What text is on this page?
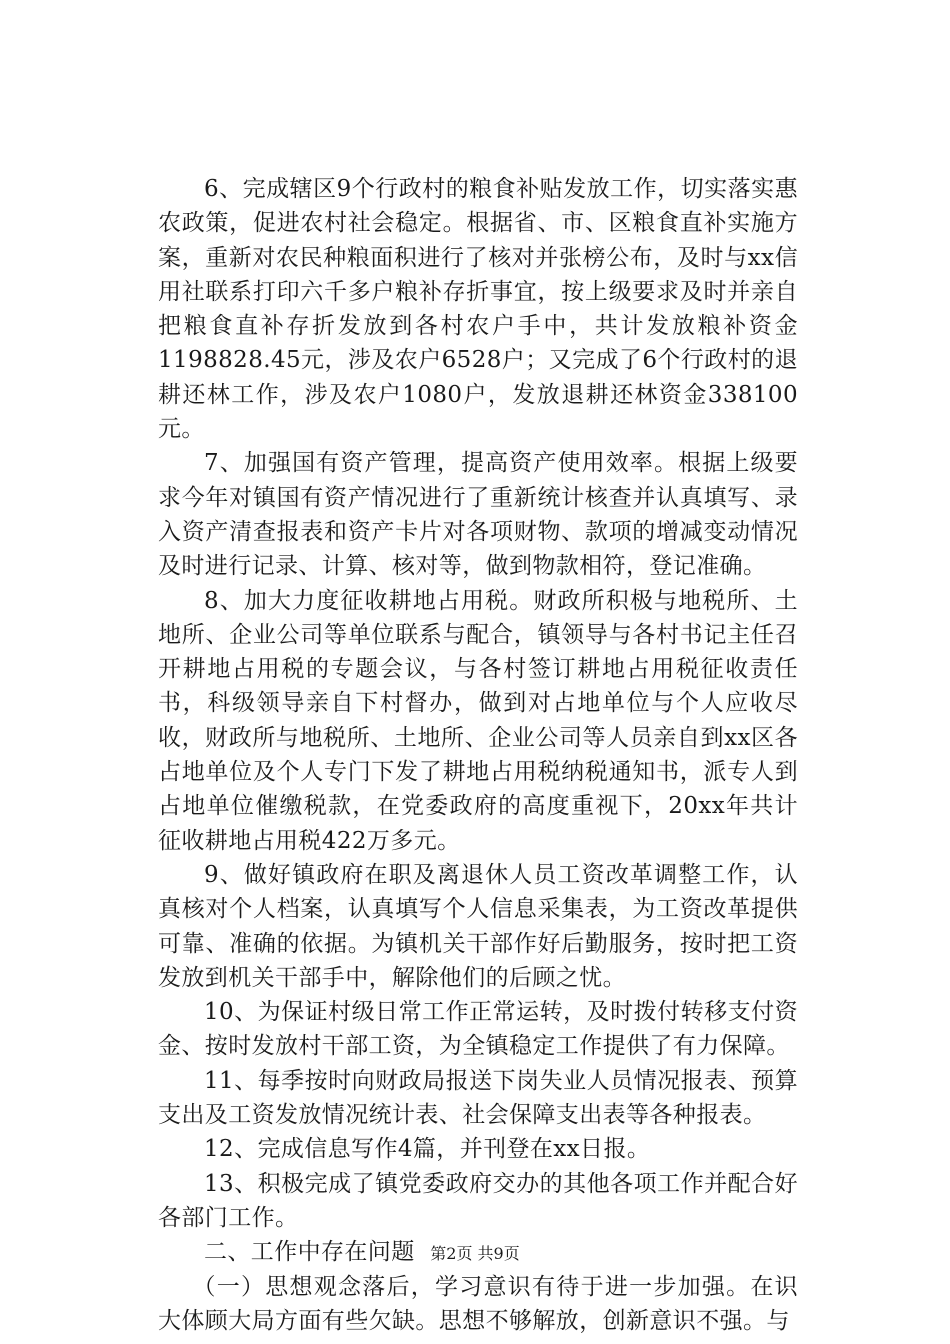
6、完成辖区9个行政村的粮食补贴发放工作，切实落实惠农政策，促进农村社会稳定。根据省、市、区粮食直补实施方案，重新对农民种粮面积进行了核对并张榜公布，及时与xx信用社联系打印六千多户粮补存折事宜，按上级要求及时并亲自把粮食直补存折发放到各村农户手中，共计发放粮补资金1198828.45元，涉及农户6528户；又完成了6个行政村的退耕还林工作，涉及农户1080户，发放退耕还林资金338100元。

7、加强国有资产管理，提高资产使用效率。根据上级要求今年对镇国有资产情况进行了重新统计核查并认真填写、录入资产清查报表和资产卡片对各项财物、款项的增减变动情况及时进行记录、计算、核对等，做到物款相符，登记准确。

8、加大力度征收耕地占用税。财政所积极与地税所、土地所、企业公司等单位联系与配合，镇领导与各村书记主任召开耕地占用税的专题会议，与各村签订耕地占用税征收责任书，科级领导亲自下村督办，做到对占地单位与个人应收尽收，财政所与地税所、土地所、企业公司等人员亲自到xx区各占地单位及个人专门下发了耕地占用税纳税通知书，派专人到占地单位催缴税款，在党委政府的高度重视下，20xx年共计征收耕地占用税422万多元。

9、做好镇政府在职及离退休人员工资改革调整工作，认真核对个人档案，认真填写个人信息采集表，为工资改革提供可靠、准确的依据。为镇机关干部作好后勤服务，按时把工资发放到机关干部手中，解除他们的后顾之忧。

10、为保证村级日常工作正常运转，及时拨付转移支付资金、按时发放村干部工资，为全镇稳定工作提供了有力保障。

11、每季按时向财政局报送下岗失业人员情况报表、预算支出及工资发放情况统计表、社会保障支出表等各种报表。

12、完成信息写作4篇，并刊登在xx日报。

13、积极完成了镇党委政府交办的其他各项工作并配合好各部门工作。

二、工作中存在问题

（一）思想观念落后，学习意识有待于进一步加强。在识大体顾大局方面有些欠缺。思想不够解放，创新意识不强。与

第2页 共9页
